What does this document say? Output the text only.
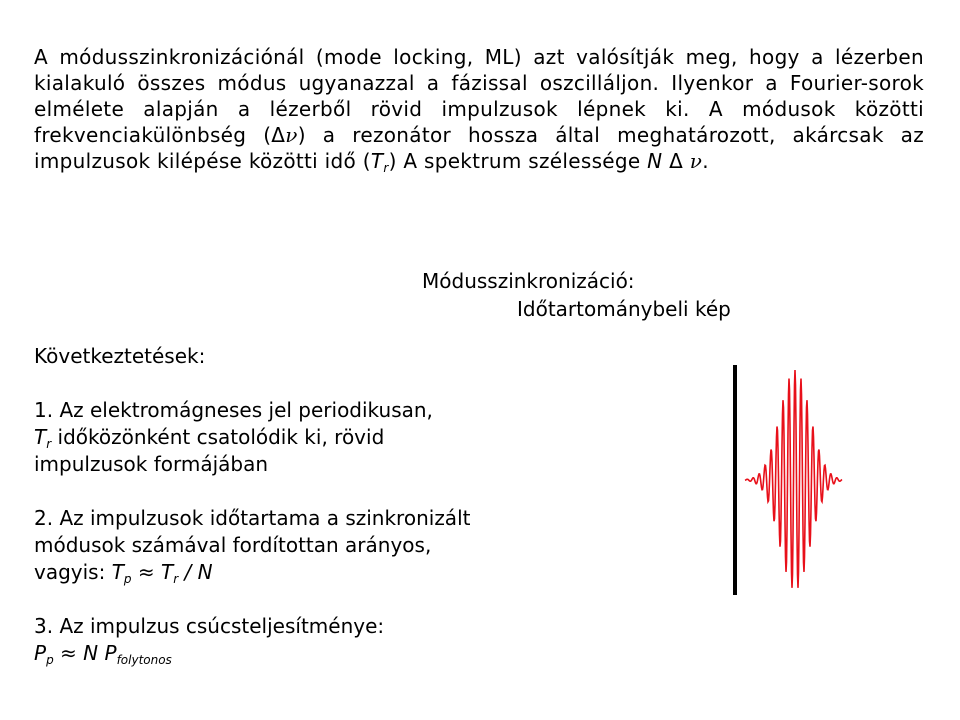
A módusszinkronizációnál (mode locking, ML) azt valósítják meg, hogy a lézerben kialakuló összes módus ugyanazzal a fázissal oszcilláljon. Ilyenkor a Fourier-sorok elmélete alapján a lézerből rövid impulzusok lépnek ki. A módusok közötti frekvenciakülönbség (Δν) a rezonátor hossza által meghatározott, akárcsak az impulzusok kilépése közötti idő $(T_r)$ A spektrum szélessége N Δ ν.

Módusszinkronizáció:

Időtartománybeli kép

Következtetések:

1. Az elektromágneses jel periodikusan,

$T_r$ időközönként csatolódik ki, rövid

impulzusok formájában

2. Az impulzusok időtartama a szinkronizált

módusok számával fordítottan arányos,

vagyis: $T_p \approx T_r / N$

3. Az impulzus csúcsteljesítménye:

$P_p \approx N$ $P_{folytonos}$
